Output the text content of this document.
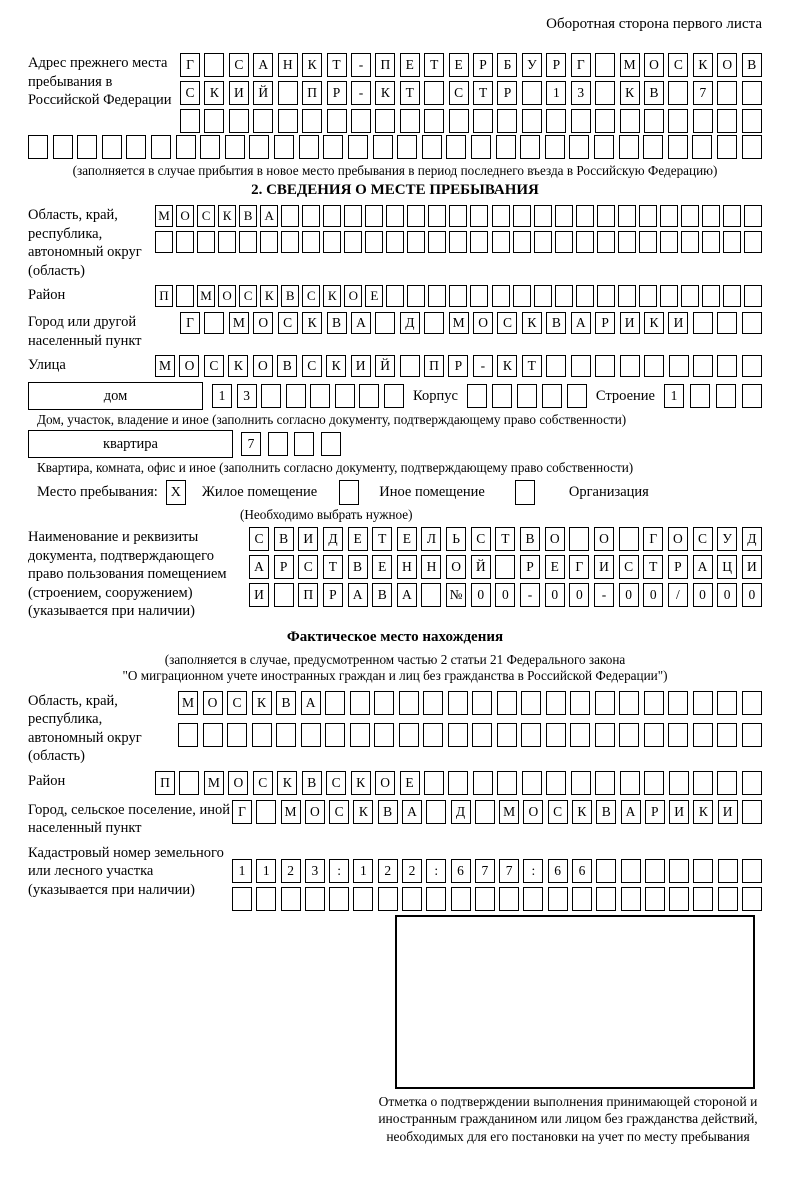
Оборотная сторона первого листа
Адрес прежнего места пребывания в Российской Федерации
Г	С	А	Н	К	Т	-	П	Е	Т	Е	Р	Б	У	Р	Г	М	О	С	К	О	В
С	К	И	Й	П	Р	-	К	Т	С	Т	Р	1	3	К	В	7
(заполняется в случае прибытия в новое место пребывания в период последнего въезда в Российскую Федерацию)
2. СВЕДЕНИЯ О МЕСТЕ ПРЕБЫВАНИЯ
Область, край, республика, автономный округ (область)
М О С К В А
Район	П	М О С К В С К О Е
Город или другой населенный пункт
Г	М	О	С	К	В	А	Д	М	О	С	К	В	А	Р	И	К	И
Улица	М	О	С	К	О	В	С	К	И	Й	П	Р	-	К	Т
дом	1	3	Корпус	Строение	1
Дом, участок, владение и иное (заполнить согласно документу, подтверждающему право собственности)
квартира	7
Квартира, комната, офис и иное (заполнить согласно документу, подтверждающему право собственности)
Место пребывания: X	Жилое помещение	Иное помещение	Организация
(Необходимо выбрать нужное)
Наименование и реквизиты документа, подтверждающего право пользования помещением (строением, сооружением) (указывается при наличии)
С	В	И	Д	Е	Т	Е	Л	Ь	С	Т	В	О	О	Г	О	С	У	Д
А	Р	С	Т	В	Е	Н	Н	О	Й	Р	Е	Г	И	С	Т	Р	А	Ц	И
И	П	Р	А	В	А	№	0	0	-	0	0	-	0	0	/	0	0	0
Фактическое место нахождения
(заполняется в случае, предусмотренном частью 2 статьи 21 Федерального закона
"О миграционном учете иностранных граждан и лиц без гражданства в Российской Федерации")
Область, край, республика, автономный округ (область)
М	О	С	К	В	А
Район	П	М	О	С	К	В	С	К	О	Е
Город, сельское поселение, иной населенный пункт
Г	М О	С	К	В	А	Д	М О	С	К	В	А	Р	И	К	И
Кадастровый номер земельного или лесного участка (указывается при наличии)
1	1	2	3	:	1	2	2	:	6	7	7	:	6	6
Отметка о подтверждении выполнения принимающей стороной и иностранным гражданином или лицом без гражданства действий, необходимых для его постановки на учет по месту пребывания
